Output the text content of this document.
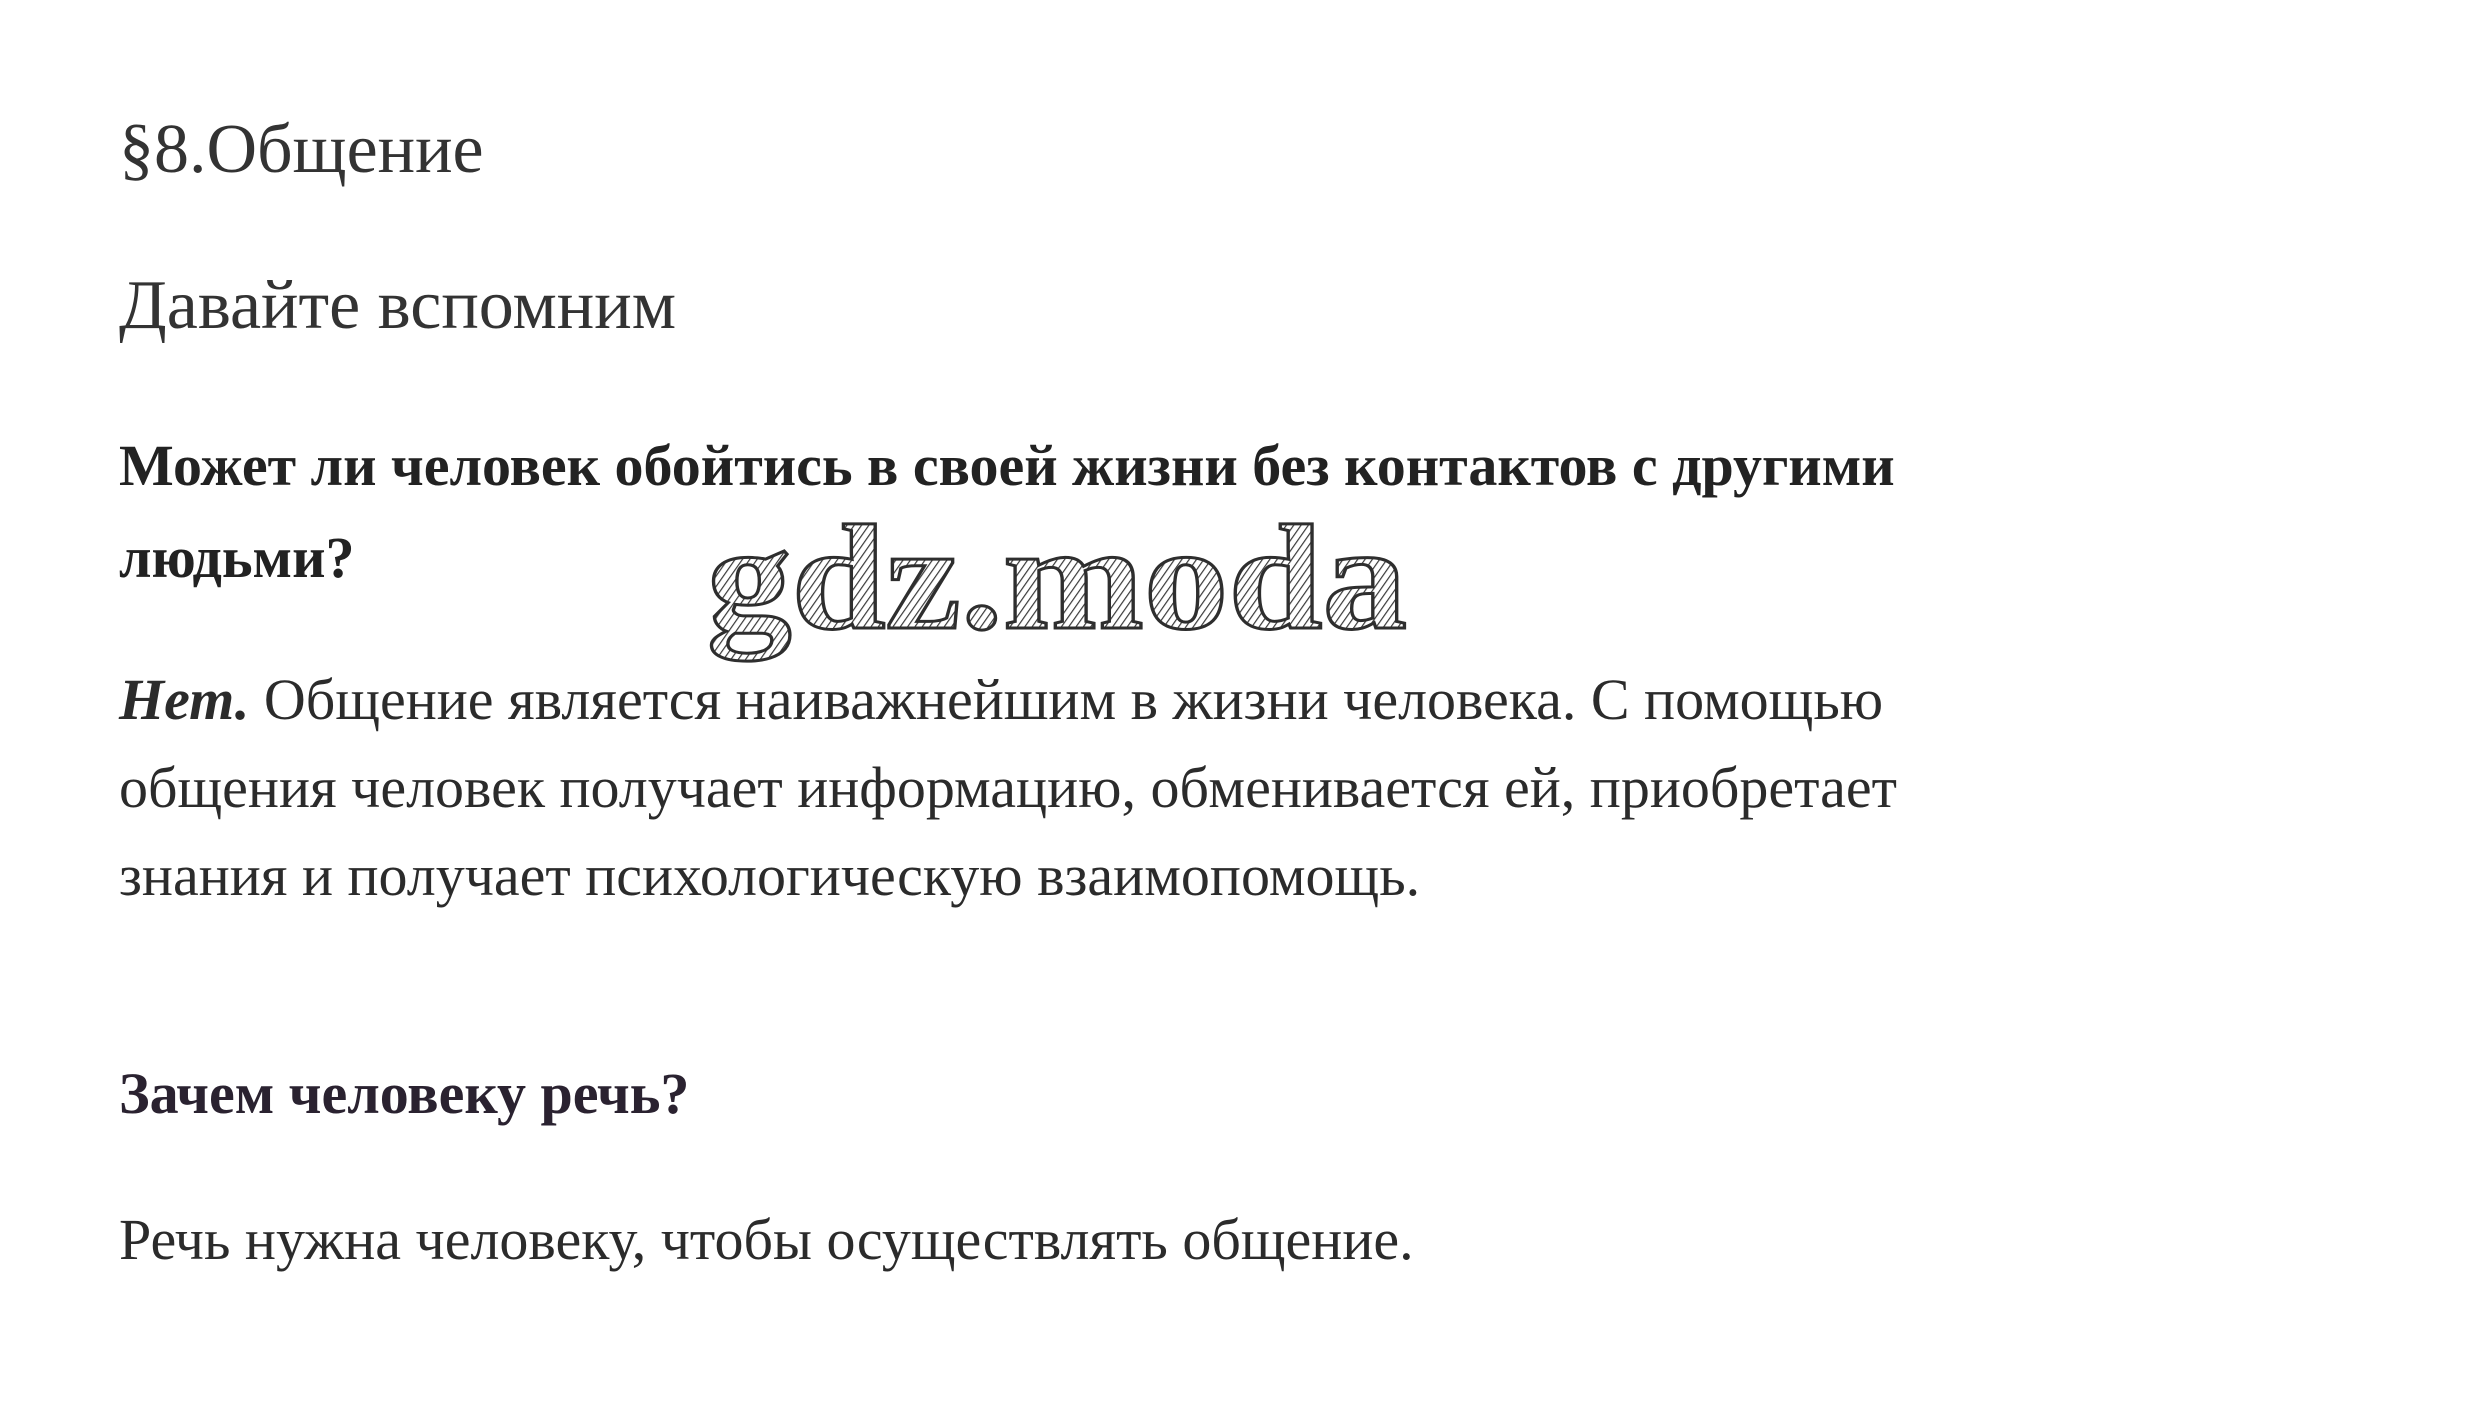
§8.Общение
Давайте вспомним
Может ли человек обойтись в своей жизни без контактов с другими
людьми?
Нет. Общение является наиважнейшим в жизни человека. С помощью
общения человек получает информацию, обменивается ей, приобретает
знания и получает психологическую взаимопомощь.
Зачем человеку речь?
Речь нужна человеку, чтобы осуществлять общение.
gdz.moda
